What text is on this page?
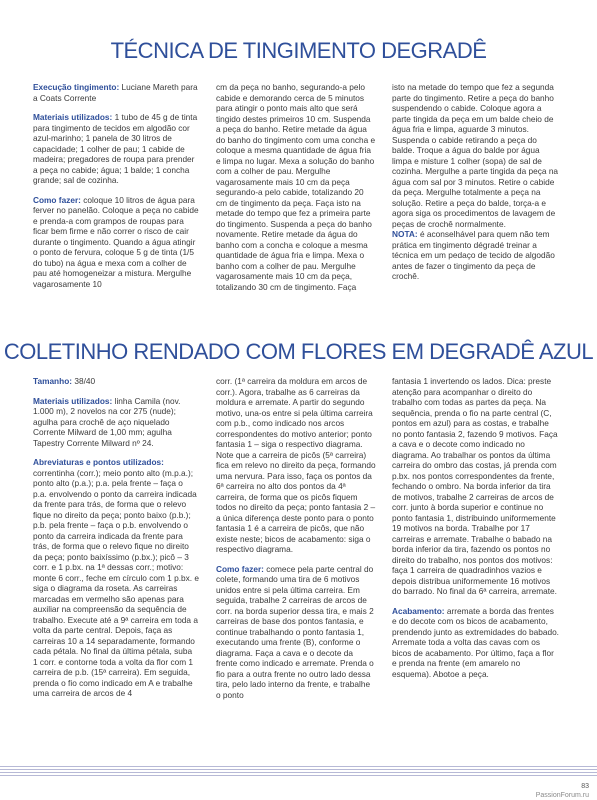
TÉCNICA DE TINGIMENTO DEGRADÊ

Execução tingimento: Luciane Mareth para a Coats Corrente

Materiais utilizados: 1 tubo de 45 g de tinta para tingimento de tecidos em algodão cor azul-marinho; 1 panela de 30 litros de capacidade; 1 colher de pau; 1 cabide de madeira; pregadores de roupa para prender a peça no cabide; água; 1 balde; 1 concha grande; sal de cozinha.

Como fazer: coloque 10 litros de água para ferver no panelão. Coloque a peça no cabide e prenda-a com grampos de roupas para ficar bem firme e não correr o risco de cair durante o tingimento. Quando a água atingir o ponto de fervura, coloque 5 g de tinta (1/5 do tubo) na água e mexa com a colher de pau até homogeneizar a mistura. Mergulhe vagarosamente 10

cm da peça no banho, segurando-a pelo cabide e demorando cerca de 5 minutos para atingir o ponto mais alto que será tingido destes primeiros 10 cm. Suspenda a peça do banho. Retire metade da água do banho do tingimento com uma concha e coloque a mesma quantidade de água fria e limpa no lugar. Mexa a solução do banho com a colher de pau. Mergulhe vagarosamente mais 10 cm da peça segurando-a pelo cabide, totalizando 20 cm de tingimento da peça. Faça isto na metade do tempo que fez a primeira parte do tingimento. Suspenda a peça do banho novamente. Retire metade da água do banho com a concha e coloque a mesma quantidade de água fria e limpa. Mexa o banho com a colher de pau. Mergulhe vagarosamente mais 10 cm da peça, totalizando 30 cm de tingimento. Faça

isto na metade do tempo que fez a segunda parte do tingimento. Retire a peça do banho suspendendo o cabide. Coloque agora a parte tingida da peça em um balde cheio de água fria e limpa, aguarde 3 minutos. Suspenda o cabide retirando a peça do balde. Troque a água do balde por água limpa e misture 1 colher (sopa) de sal de cozinha. Mergulhe a parte tingida da peça na água com sal por 3 minutos. Retire o cabide da peça. Mergulhe totalmente a peça na solução. Retire a peça do balde, torça-a e agora siga os procedimentos de lavagem de peças de crochê normalmente.
NOTA: é aconselhável para quem não tem prática em tingimento dégradé treinar a técnica em um pedaço de tecido de algodão antes de fazer o tingimento da peça de crochê.

COLETINHO RENDADO COM FLORES EM DEGRADÊ AZUL

Tamanho: 38/40

Materiais utilizados: linha Camila (nov. 1.000 m), 2 novelos na cor 275 (nude); agulha para crochê de aço niquelado Corrente Milward de 1,00 mm; agulha Tapestry Corrente Milward nº 24.

Abreviaturas e pontos utilizados: correntinha (corr.); meio ponto alto (m.p.a.); ponto alto (p.a.); p.a. pela frente – faça o p.a. envolvendo o ponto da carreira indicada da frente para trás, de forma que o relevo fique no direito da peça; ponto baixo (p.b.); p.b. pela frente – faça o p.b. envolvendo o ponto da carreira indicada da frente para trás, de forma que o relevo fique no direito da peça; ponto baixíssimo (p.bx.); picô – 3 corr. e 1 p.bx. na 1ª dessas corr.; motivo: monte 6 corr., feche em círculo com 1 p.bx. e siga o diagrama da roseta. As carreiras marcadas em vermelho são apenas para auxiliar na compreensão da sequência de trabalho. Execute até a 9ª carreira em toda a volta da parte central. Depois, faça as carreiras 10 a 14 separadamente, formando cada pétala. No final da última pétala, suba 1 corr. e contorne toda a volta da flor com 1 carreira de p.b. (15ª carreira). Em seguida, prenda o fio como indicado em A e trabalhe uma carreira de arcos de 4

corr. (1ª carreira da moldura em arcos de corr.). Agora, trabalhe as 6 carreiras da moldura e arremate. A partir do segundo motivo, una-os entre si pela última carreira com p.b., como indicado nos arcos correspondentes do motivo anterior; ponto fantasia 1 – siga o respectivo diagrama. Note que a carreira de picôs (5ª carreira) fica em relevo no direito da peça, formando uma nervura. Para isso, faça os pontos da 6ª carreira no alto dos pontos da 4ª carreira, de forma que os picôs fiquem todos no direito da peça; ponto fantasia 2 – a única diferença deste ponto para o ponto fantasia 1 é a carreira de picôs, que não existe neste; bicos de acabamento: siga o respectivo diagrama.

Como fazer: comece pela parte central do colete, formando uma tira de 6 motivos unidos entre si pela última carreira. Em seguida, trabalhe 2 carreiras de arcos de corr. na borda superior dessa tira, e mais 2 carreiras de base dos pontos fantasia, e continue trabalhando o ponto fantasia 1, executando uma frente (B), conforme o diagrama. Faça a cava e o decote da frente como indicado e arremate. Prenda o fio para a outra frente no outro lado dessa tira, pelo lado interno da frente, e trabalhe o ponto

fantasia 1 invertendo os lados. Dica: preste atenção para acompanhar o direito do trabalho com todas as partes da peça. Na sequência, prenda o fio na parte central (C, pontos em azul) para as costas, e trabalhe no ponto fantasia 2, fazendo 9 motivos. Faça a cava e o decote como indicado no diagrama. Ao trabalhar os pontos da última carreira do ombro das costas, já prenda com p.bx. nos pontos correspondentes da frente, fechando o ombro. Na borda inferior da tira de motivos, trabalhe 2 carreiras de arcos de corr. junto à borda superior e continue no ponto fantasia 1, distribuindo uniformemente 19 motivos na borda. Trabalhe por 17 carreiras e arremate. Trabalhe o babado na borda inferior da tira, fazendo os pontos no direito do trabalho, nos pontos dos motivos: faça 1 carreira de quadradinhos vazios e depois distribua uniformemente 16 motivos do barrado. No final da 6ª carreira, arremate.

Acabamento: arremate a borda das frentes e do decote com os bicos de acabamento, prendendo junto as extremidades do babado. Arremate toda a volta das cavas com os bicos de acabamento. Por último, faça a flor e prenda na frente (em amarelo no esquema). Abotoe a peça.

83
PassionForum.ru
